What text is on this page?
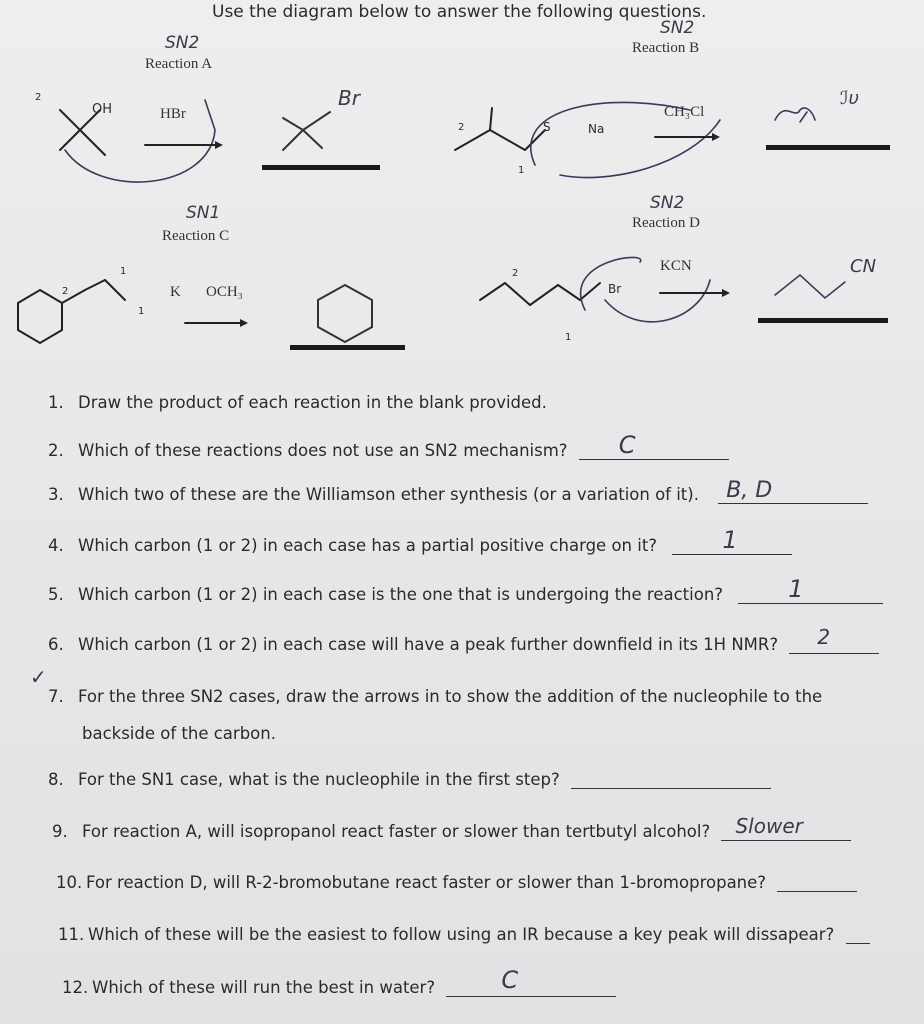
Use the diagram below to answer the following questions.
Reaction A
SN2
HBr
OH	Br
Reaction B
SN2
CH₃Cl
S	Na
ℐυ
Reaction C
SN1
K OCH₃
Reaction D
SN2
KCN
Br
CN
2
2
1
1
2
1
2
1
1. Draw the product of each reaction in the blank provided.
2. Which of these reactions does not use an SN2 mechanism? C
3. Which two of these are the Williamson ether synthesis (or a variation of it). B, D
4. Which carbon (1 or 2) in each case has a partial positive charge on it?	1
5. Which carbon (1 or 2) in each case is the one that is undergoing the reaction?	1
6. Which carbon (1 or 2) in each case will have a peak further downfield in its 1H NMR? 2
✓
7. For the three SN2 cases, draw the arrows in to show the addition of the nucleophile to the
backside of the carbon.
8. For the SN1 case, what is the nucleophile in the first step?
9. For reaction A, will isopropanol react faster or slower than tertbutyl alcohol? Slower
10. For reaction D, will R-2-bromobutane react faster or slower than 1-bromopropane?
11. Which of these will be the easiest to follow using an IR because a key peak will dissapear?
12. Which of these will run the best in water?	C
